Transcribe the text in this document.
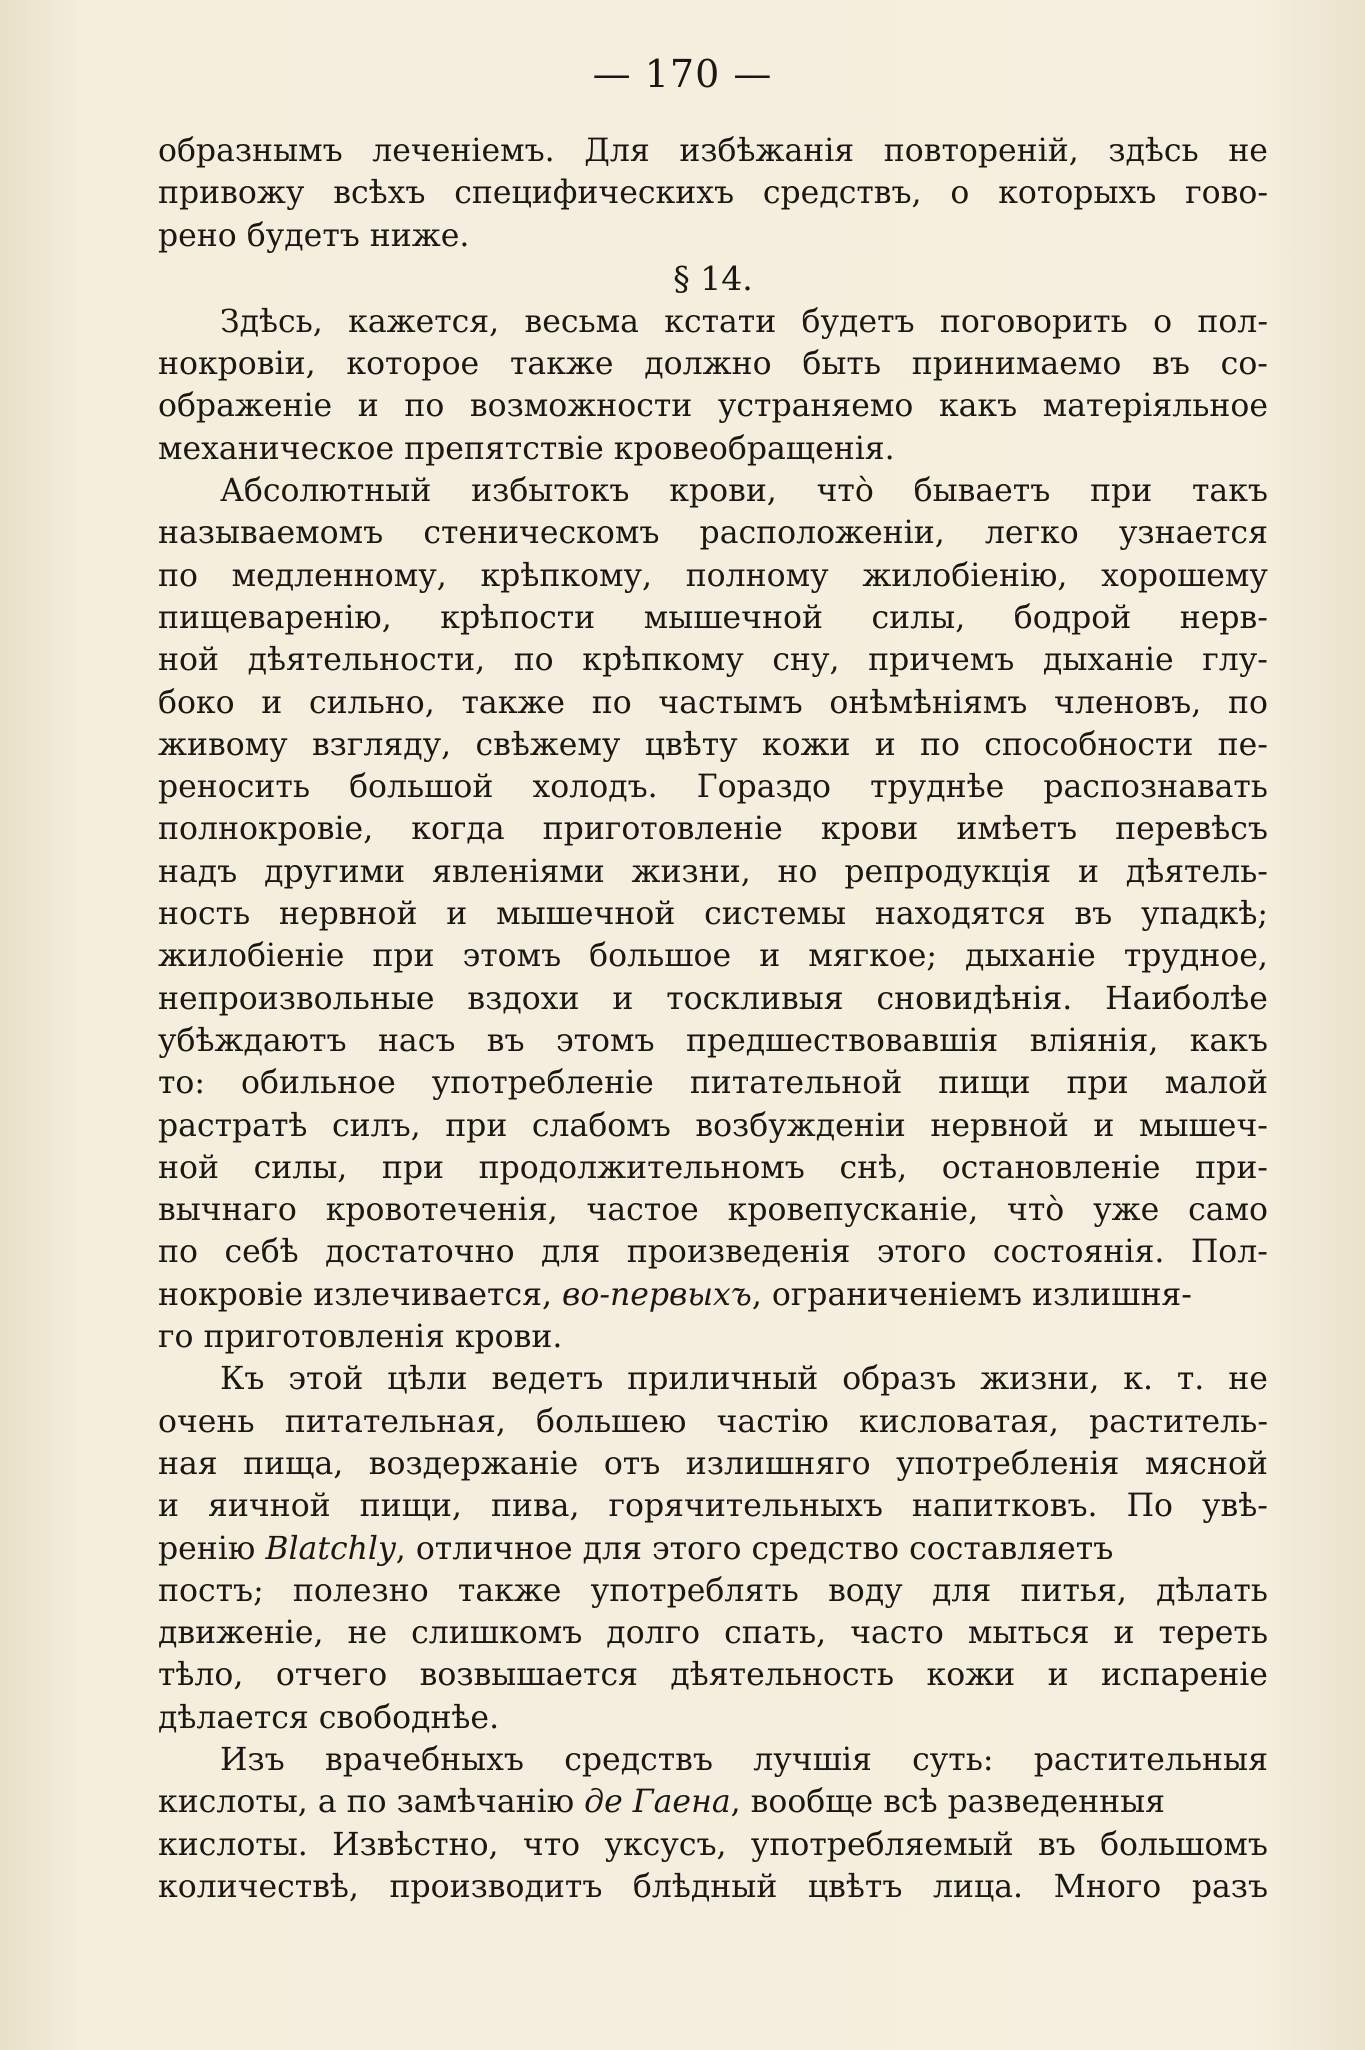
— 170 —
образнымъ леченіемъ. Для избѣжанія повтореній, здѣсь не
привожу всѣхъ специфическихъ средствъ, о которыхъ гово-
рено будетъ ниже.
§ 14.
Здѣсь, кажется, весьма кстати будетъ поговорить о пол-
нокровіи, которое также должно быть принимаемо въ со-
ображеніе и по возможности устраняемо какъ матеріяльное
механическое препятствіе кровеобращенія.
Абсолютный избытокъ крови, что̀ бываетъ при такъ
называемомъ стеническомъ расположеніи, легко узнается
по медленному, крѣпкому, полному жилобіенію, хорошему
пищеваренію, крѣпости мышечной силы, бодрой нерв-
ной дѣятельности, по крѣпкому сну, причемъ дыханіе глу-
боко и сильно, также по частымъ онѣмѣніямъ членовъ, по
живому взгляду, свѣжему цвѣту кожи и по способности пе-
реносить большой холодъ. Гораздо труднѣе распознавать
полнокровіе, когда приготовленіе крови имѣетъ перевѣсъ
надъ другими явленіями жизни, но репродукція и дѣятель-
ность нервной и мышечной системы находятся въ упадкѣ;
жилобіеніе при этомъ большое и мягкое; дыханіе трудное,
непроизвольные вздохи и тоскливыя сновидѣнія. Наиболѣе
убѣждаютъ насъ въ этомъ предшествовавшія вліянія, какъ
то: обильное употребленіе питательной пищи при малой
растратѣ силъ, при слабомъ возбужденіи нервной и мышеч-
ной силы, при продолжительномъ снѣ, остановленіе при-
вычнаго кровотеченія, частое кровепусканіе, что̀ уже само
по себѣ достаточно для произведенія этого состоянія. Пол-
нокровіе излечивается, во-первыхъ, ограниченіемъ излишня-
го приготовленія крови.
Къ этой цѣли ведетъ приличный образъ жизни, к. т. не
очень питательная, большею частію кисловатая, раститель-
ная пища, воздержаніе отъ излишняго употребленія мясной
и яичной пищи, пива, горячительныхъ напитковъ. По увѣ-
ренію Blatchly, отличное для этого средство составляетъ
постъ; полезно также употреблять воду для питья, дѣлать
движеніе, не слишкомъ долго спать, часто мыться и тереть
тѣло, отчего возвышается дѣятельность кожи и испареніе
дѣлается свободнѣе.
Изъ врачебныхъ средствъ лучшія суть: растительныя
кислоты, а по замѣчанію де Гаена, вообще всѣ разведенныя
кислоты. Извѣстно, что уксусъ, употребляемый въ большомъ
количествѣ, производитъ блѣдный цвѣтъ лица. Много разъ
